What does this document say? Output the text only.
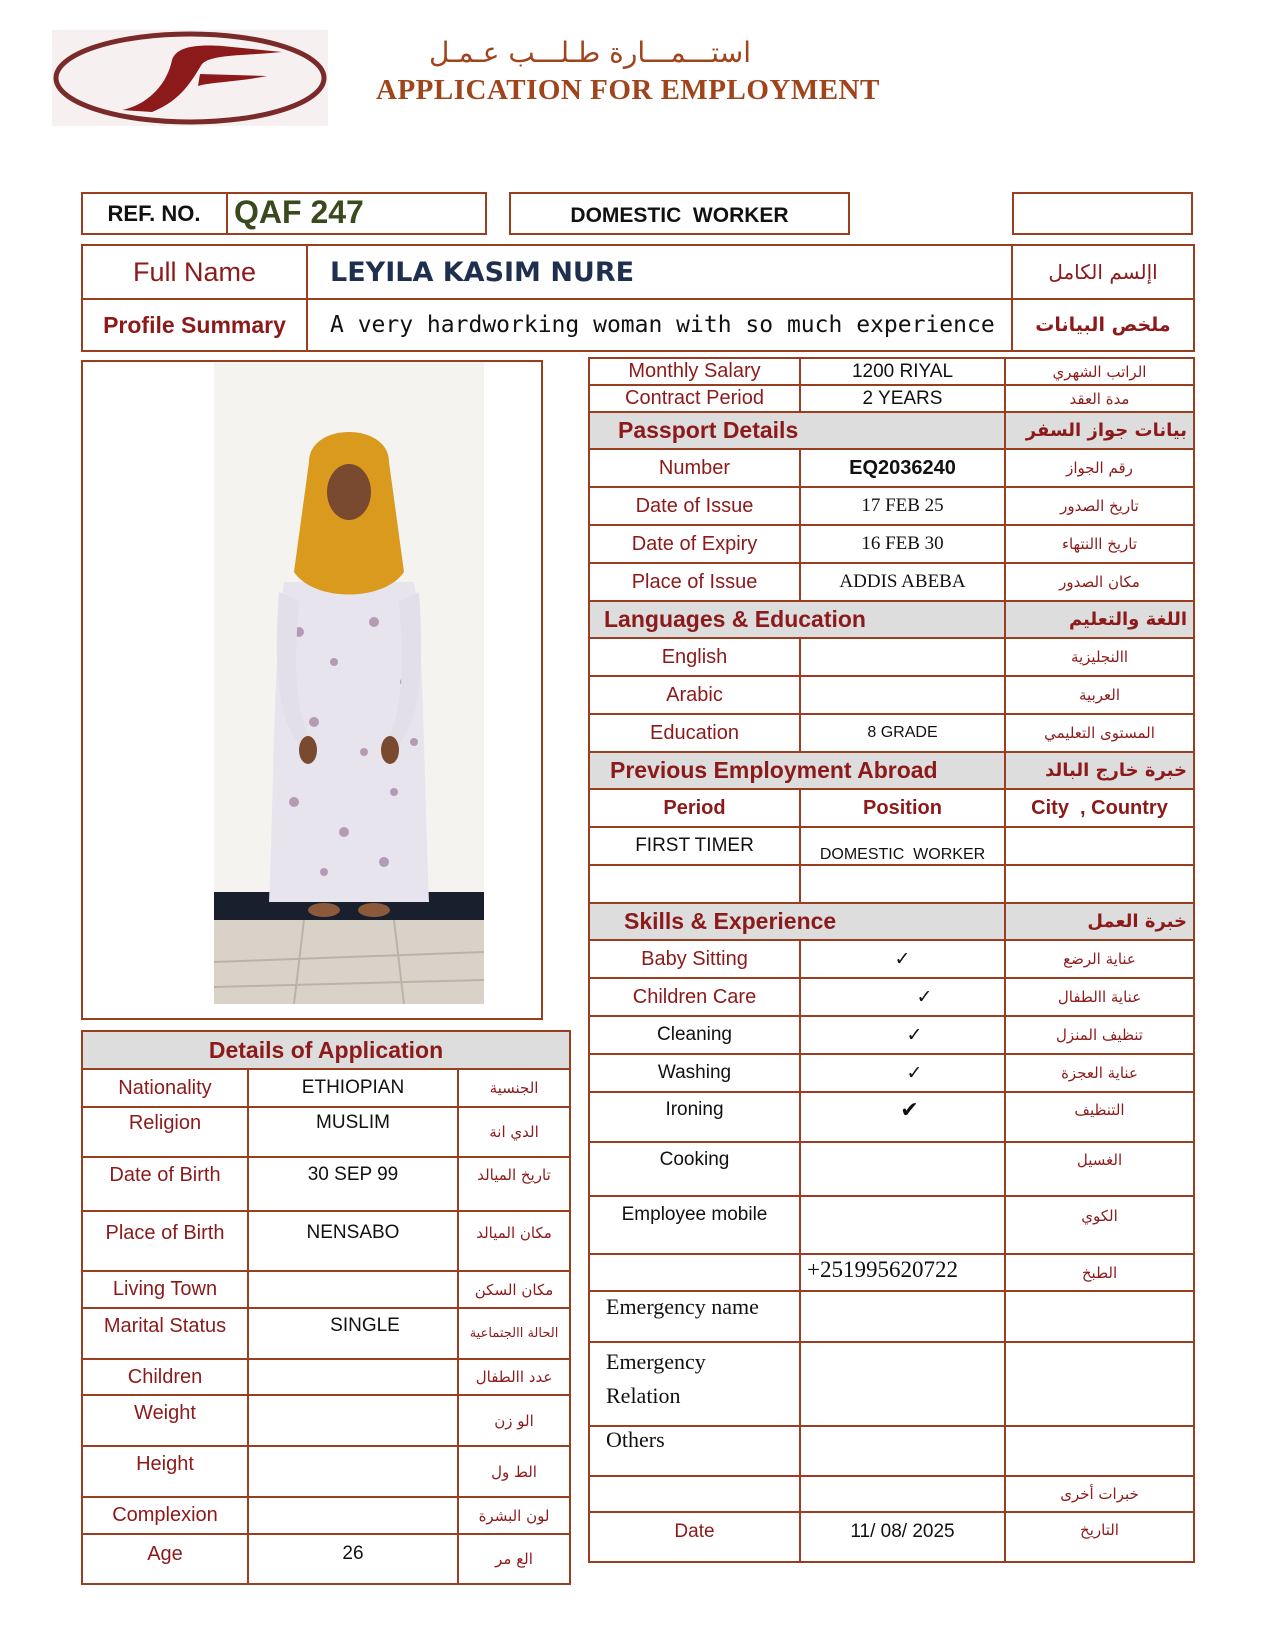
استـــمـــارة طـلـــب عـمـل
APPLICATION FOR EMPLOYMENT
REF. NO.	QAF 247	DOMESTIC  WORKER
Full Name	LEYILA KASIM NURE	اإلسم الكامل
Profile Summary	A very hardworking woman with so much experience	ملخص البيانات
Monthly Salary	1200 RIYAL	الراتب الشهري
Contract Period	2 YEARS	مدة العقد
Passport Details		بيانات جواز السفر
Number	EQ2036240	رقم الجواز
Date of Issue	17 FEB 25	تاريخ الصدور
Date of Expiry	16 FEB 30	تاريخ االنتهاء
Place of Issue	ADDIS ABEBA	مكان الصدور
Languages & Education		اللغة والتعليم
English		االنجليزية
Arabic		العربية
Education	8 GRADE	المستوى التعليمي
Previous Employment Abroad		خبرة خارج البالد
Period	Position	City  , Country
FIRST TIMER	DOMESTIC  WORKER	

Skills & Experience		خبرة العمل
Baby Sitting	✓	عناية الرضع
Children Care	✓	عناية االطفال
Cleaning	✓	تنظيف المنزل
Washing	✓	عناية العجزة
Ironing	✔	التنظيف
Cooking		الغسيل
Employee mobile		الكوي
	+251995620722	الطبخ
Emergency name		

Emergency
Relation		

Others		
		خبرات أخرى
Date	11/ 08/ 2025	التاريخ
Details of Application		
Nationality	ETHIOPIAN	الجنسية
Religion	MUSLIM	الدي انة
Date of Birth	30 SEP 99	تاريخ الميالد
Place of Birth	NENSABO	مكان الميالد
Living Town		مكان السكن
Marital Status	SINGLE	الحالة االجتماعية
Children		عدد االطفال
Weight		الو زن
Height		الط ول
Complexion		لون البشرة
Age	26	الع مر
